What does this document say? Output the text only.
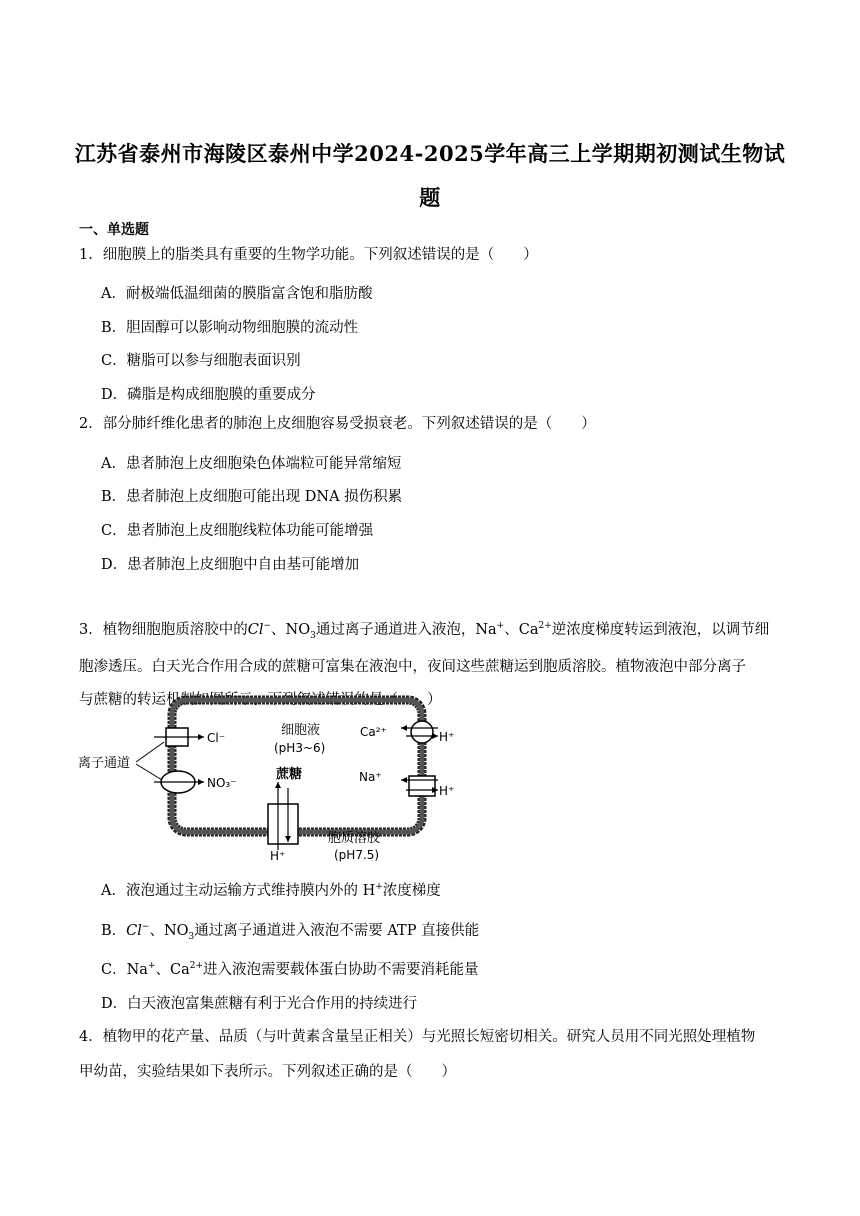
江苏省泰州市海陵区泰州中学2024-2025学年高三上学期期初测试生物试
题
一、单选题
1．细胞膜上的脂类具有重要的生物学功能。下列叙述错误的是（　　）
A．耐极端低温细菌的膜脂富含饱和脂肪酸
B．胆固醇可以影响动物细胞膜的流动性
C．糖脂可以参与细胞表面识别
D．磷脂是构成细胞膜的重要成分
2．部分肺纤维化患者的肺泡上皮细胞容易受损衰老。下列叙述错误的是（　　）
A．患者肺泡上皮细胞染色体端粒可能异常缩短
B．患者肺泡上皮细胞可能出现 DNA 损伤积累
C．患者肺泡上皮细胞线粒体功能可能增强
D．患者肺泡上皮细胞中自由基可能增加
3．植物细胞胞质溶胶中的Cl−、$NO_3$通过离子通道进入液泡，Na+、$Ca^{2+}$逆浓度梯度转运到液泡，以调节细
胞渗透压。白天光合作用合成的蔗糖可富集在液泡中，夜间这些蔗糖运到胞质溶胶。植物液泡中部分离子
与蔗糖的转运机制如图所示。下列叙述错误的是（　　）
细胞液
(pH3~6)
Cl⁻
NO₃⁻
离子通道
Ca²⁺	H⁺
Na⁺
H⁺
蔗糖
H⁺
胞质溶胶
(pH7.5)
A．液泡通过主动运输方式维持膜内外的 H+浓度梯度
B．Cl−、$NO_3$通过离子通道进入液泡不需要 ATP 直接供能
C．Na+、$Ca^{2+}$进入液泡需要载体蛋白协助不需要消耗能量
D．白天液泡富集蔗糖有利于光合作用的持续进行
4．植物甲的花产量、品质（与叶黄素含量呈正相关）与光照长短密切相关。研究人员用不同光照处理植物
甲幼苗，实验结果如下表所示。下列叙述正确的是（　　）
